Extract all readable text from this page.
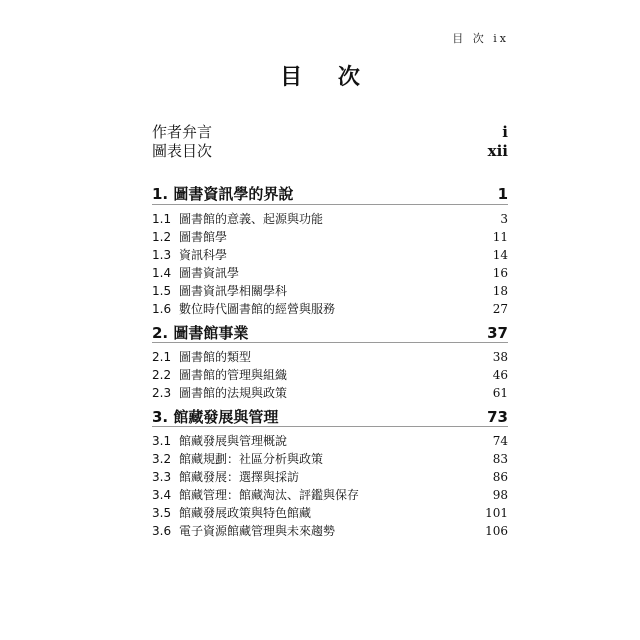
目 次 ix
目 次
作者弁言	i
圖表目次	xii
1. 圖書資訊學的界說	1
1.1 圖書館的意義、起源與功能	3
1.2 圖書館學	11
1.3 資訊科學	14
1.4 圖書資訊學	16
1.5 圖書資訊學相關學科	18
1.6 數位時代圖書館的經營與服務	27
2. 圖書館事業	37
2.1 圖書館的類型	38
2.2 圖書館的管理與組織	46
2.3 圖書館的法規與政策	61
3. 館藏發展與管理	73
3.1 館藏發展與管理概說	74
3.2 館藏規劃：社區分析與政策	83
3.3 館藏發展：選擇與採訪	86
3.4 館藏管理：館藏淘汰、評鑑與保存	98
3.5 館藏發展政策與特色館藏	101
3.6 電子資源館藏管理與未來趨勢	106
